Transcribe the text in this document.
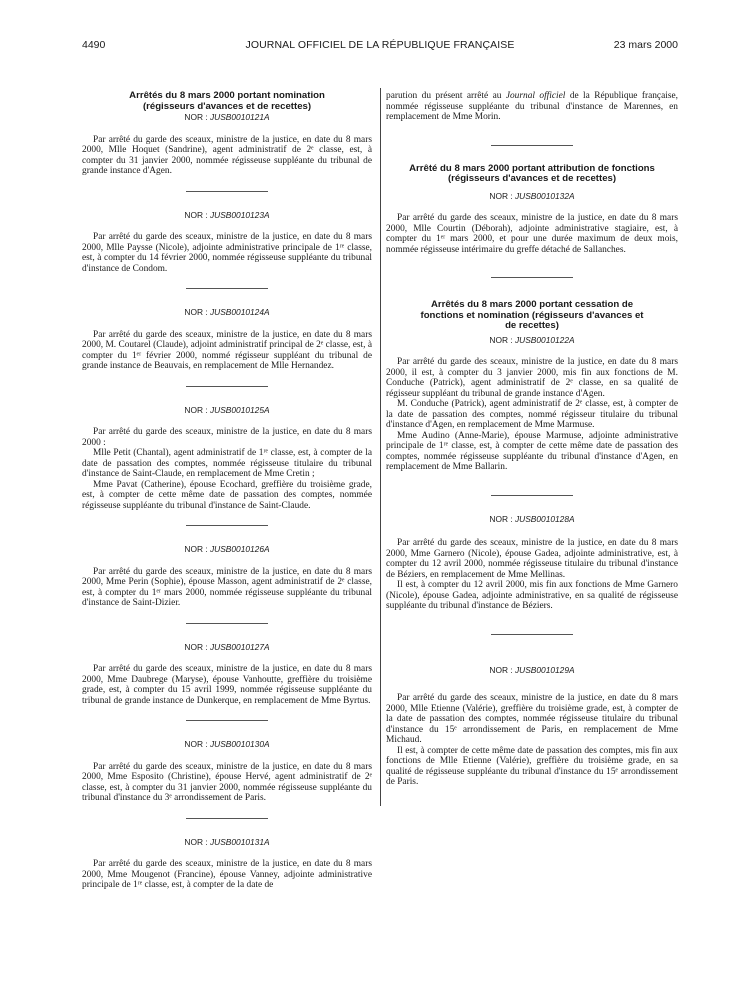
4490	JOURNAL OFFICIEL DE LA RÉPUBLIQUE FRANÇAISE	23 mars 2000
Arrêtés du 8 mars 2000 portant nomination
(régisseurs d'avances et de recettes)

NOR : JUSB0010121A

Par arrêté du garde des sceaux, ministre de la justice, en date du 8 mars 2000, Mlle Hoquet (Sandrine), agent administratif de 2ᵉ classe, est, à compter du 31 janvier 2000, nommée régisseuse suppléante du tribunal de grande instance d'Agen.

NOR : JUSB0010123A

Par arrêté du garde des sceaux, ministre de la justice, en date du 8 mars 2000, Mlle Paysse (Nicole), adjointe administrative principale de 1ʳᵉ classe, est, à compter du 14 février 2000, nommée régisseuse suppléante du tribunal d'instance de Condom.

NOR : JUSB0010124A

Par arrêté du garde des sceaux, ministre de la justice, en date du 8 mars 2000, M. Coutarel (Claude), adjoint administratif principal de 2ᵉ classe, est, à compter du 1ᵉʳ février 2000, nommé régisseur suppléant du tribunal de grande instance de Beauvais, en remplacement de Mlle Hernandez.

NOR : JUSB0010125A

Par arrêté du garde des sceaux, ministre de la justice, en date du 8 mars 2000 :

Mlle Petit (Chantal), agent administratif de 1ʳᵉ classe, est, à compter de la date de passation des comptes, nommée régisseuse titulaire du tribunal d'instance de Saint-Claude, en remplacement de Mme Cretin ;

Mme Pavat (Catherine), épouse Ecochard, greffière du troisième grade, est, à compter de cette même date de passation des comptes, nommée régisseuse suppléante du tribunal d'instance de Saint-Claude.

NOR : JUSB0010126A

Par arrêté du garde des sceaux, ministre de la justice, en date du 8 mars 2000, Mme Perin (Sophie), épouse Masson, agent administratif de 2ᵉ classe, est, à compter du 1ᵉʳ mars 2000, nommée régisseuse suppléante du tribunal d'instance de Saint-Dizier.

NOR : JUSB0010127A

Par arrêté du garde des sceaux, ministre de la justice, en date du 8 mars 2000, Mme Daubrege (Maryse), épouse Vanhoutte, greffière du troisième grade, est, à compter du 15 avril 1999, nommée régisseuse suppléante du tribunal de grande instance de Dunkerque, en remplacement de Mme Byrtus.

NOR : JUSB0010130A

Par arrêté du garde des sceaux, ministre de la justice, en date du 8 mars 2000, Mme Esposito (Christine), épouse Hervé, agent administratif de 2ᵉ classe, est, à compter du 31 janvier 2000, nommée régisseuse suppléante du tribunal d'instance du 3ᵉ arrondissement de Paris.

NOR : JUSB0010131A

Par arrêté du garde des sceaux, ministre de la justice, en date du 8 mars 2000, Mme Mougenot (Francine), épouse Vanney, adjointe administrative principale de 1ʳᵉ classe, est, à compter de la date de

parution du présent arrêté au Journal officiel de la République française, nommée régisseuse suppléante du tribunal d'instance de Marennes, en remplacement de Mme Morin.

Arrêté du 8 mars 2000 portant attribution de fonctions
(régisseurs d'avances et de recettes)

NOR : JUSB0010132A

Par arrêté du garde des sceaux, ministre de la justice, en date du 8 mars 2000, Mlle Courtin (Déborah), adjointe administrative stagiaire, est, à compter du 1ᵉʳ mars 2000, et pour une durée maximum de deux mois, nommée régisseuse intérimaire du greffe détaché de Sallanches.

Arrêtés du 8 mars 2000 portant cessation de
fonctions et nomination (régisseurs d'avances et
de recettes)

NOR : JUSB0010122A

Par arrêté du garde des sceaux, ministre de la justice, en date du 8 mars 2000, il est, à compter du 3 janvier 2000, mis fin aux fonctions de M. Conduche (Patrick), agent administratif de 2ᵉ classe, en sa qualité de régisseur suppléant du tribunal de grande instance d'Agen.

M. Conduche (Patrick), agent administratif de 2ᵉ classe, est, à compter de la date de passation des comptes, nommé régisseur titulaire du tribunal d'instance d'Agen, en remplacement de Mme Marmuse.

Mme Audino (Anne-Marie), épouse Marmuse, adjointe administrative principale de 1ʳᵉ classe, est, à compter de cette même date de passation des comptes, nommée régisseuse suppléante du tribunal d'instance d'Agen, en remplacement de Mme Ballarin.

NOR : JUSB0010128A

Par arrêté du garde des sceaux, ministre de la justice, en date du 8 mars 2000, Mme Garnero (Nicole), épouse Gadea, adjointe administrative, est, à compter du 12 avril 2000, nommée régisseuse titulaire du tribunal d'instance de Béziers, en remplacement de Mme Mellinas.

Il est, à compter du 12 avril 2000, mis fin aux fonctions de Mme Garnero (Nicole), épouse Gadea, adjointe administrative, en sa qualité de régisseuse suppléante du tribunal d'instance de Béziers.

NOR : JUSB0010129A

Par arrêté du garde des sceaux, ministre de la justice, en date du 8 mars 2000, Mlle Etienne (Valérie), greffière du troisième grade, est, à compter de la date de passation des comptes, nommée régisseuse titulaire du tribunal d'instance du 15ᵉ arrondissement de Paris, en remplacement de Mme Michaud.

Il est, à compter de cette même date de passation des comptes, mis fin aux fonctions de Mlle Etienne (Valérie), greffière du troisième grade, en sa qualité de régisseuse suppléante du tribunal d'instance du 15ᵉ arrondissement de Paris.
